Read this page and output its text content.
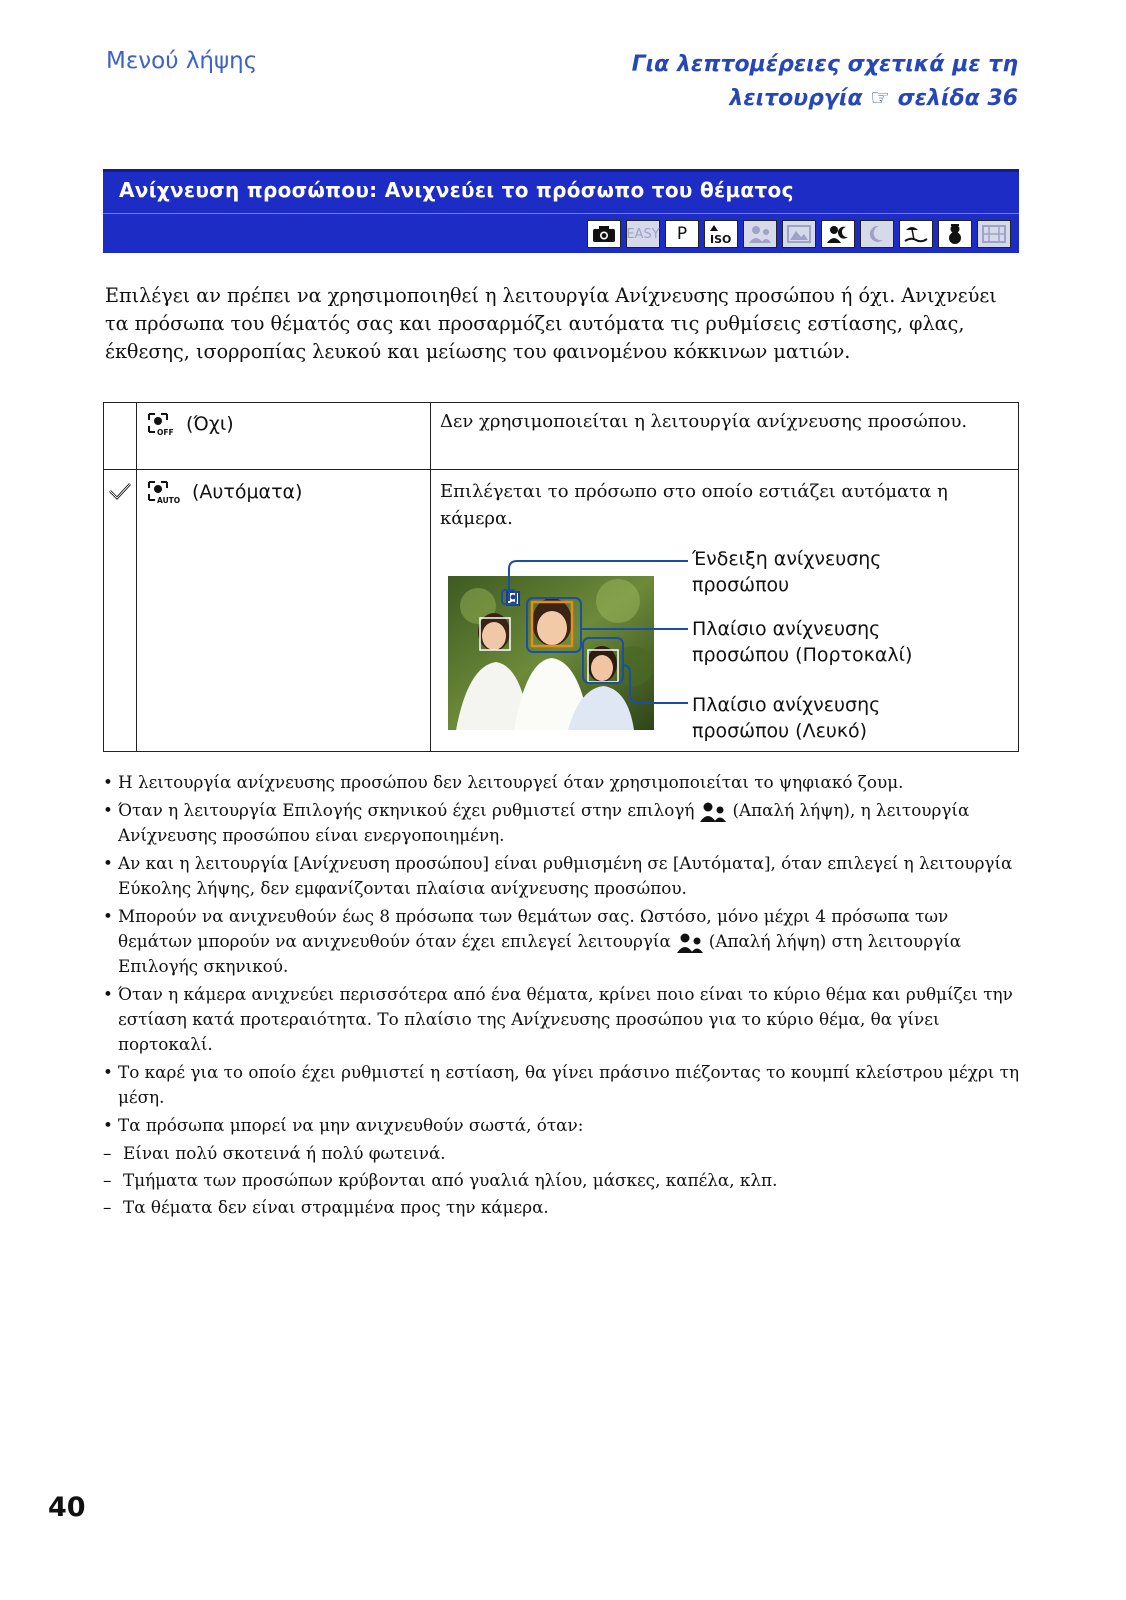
Μενού λήψης	Για λεπτομέρειες σχετικά με τη
λειτουργία ☞ σελίδα 36
Ανίχνευση προσώπου: Ανιχνεύει το πρόσωπο του θέματος
EASY	P	ISO
Επιλέγει αν πρέπει να χρησιμοποιηθεί η λειτουργία Ανίχνευσης προσώπου ή όχι. Ανιχνεύει τα πρόσωπα του θέματός σας και προσαρμόζει αυτόματα τις ρυθμίσεις εστίασης, φλας, έκθεσης, ισορροπίας λευκού και μείωσης του φαινομένου κόκκινων ματιών.
OFF (Όχι)	Δεν χρησιμοποιείται η λειτουργία ανίχνευσης προσώπου.
AUTO (Αυτόματα)	Επιλέγεται το πρόσωπο στο οποίο εστιάζει αυτόματα η κάμερα.
Ένδειξη ανίχνευσης προσώπου
Πλαίσιο ανίχνευσης προσώπου (Πορτοκαλί)
Πλαίσιο ανίχνευσης προσώπου (Λευκό)
• Η λειτουργία ανίχνευσης προσώπου δεν λειτουργεί όταν χρησιμοποιείται το ψηφιακό ζουμ.
• Όταν η λειτουργία Επιλογής σκηνικού έχει ρυθμιστεί στην επιλογή (Απαλή λήψη), η λειτουργία Ανίχνευσης προσώπου είναι ενεργοποιημένη.
• Αν και η λειτουργία [Ανίχνευση προσώπου] είναι ρυθμισμένη σε [Αυτόματα], όταν επιλεγεί η λειτουργία Εύκολης λήψης, δεν εμφανίζονται πλαίσια ανίχνευσης προσώπου.
• Μπορούν να ανιχνευθούν έως 8 πρόσωπα των θεμάτων σας. Ωστόσο, μόνο μέχρι 4 πρόσωπα των θεμάτων μπορούν να ανιχνευθούν όταν έχει επιλεγεί λειτουργία (Απαλή λήψη) στη λειτουργία Επιλογής σκηνικού.
• Όταν η κάμερα ανιχνεύει περισσότερα από ένα θέματα, κρίνει ποιο είναι το κύριο θέμα και ρυθμίζει την εστίαση κατά προτεραιότητα. Το πλαίσιο της Ανίχνευσης προσώπου για το κύριο θέμα, θα γίνει πορτοκαλί.
• Το καρέ για το οποίο έχει ρυθμιστεί η εστίαση, θα γίνει πράσινο πιέζοντας το κουμπί κλείστρου μέχρι τη μέση.
• Τα πρόσωπα μπορεί να μην ανιχνευθούν σωστά, όταν:
– Είναι πολύ σκοτεινά ή πολύ φωτεινά.
– Τμήματα των προσώπων κρύβονται από γυαλιά ηλίου, μάσκες, καπέλα, κλπ.
– Τα θέματα δεν είναι στραμμένα προς την κάμερα.
40
